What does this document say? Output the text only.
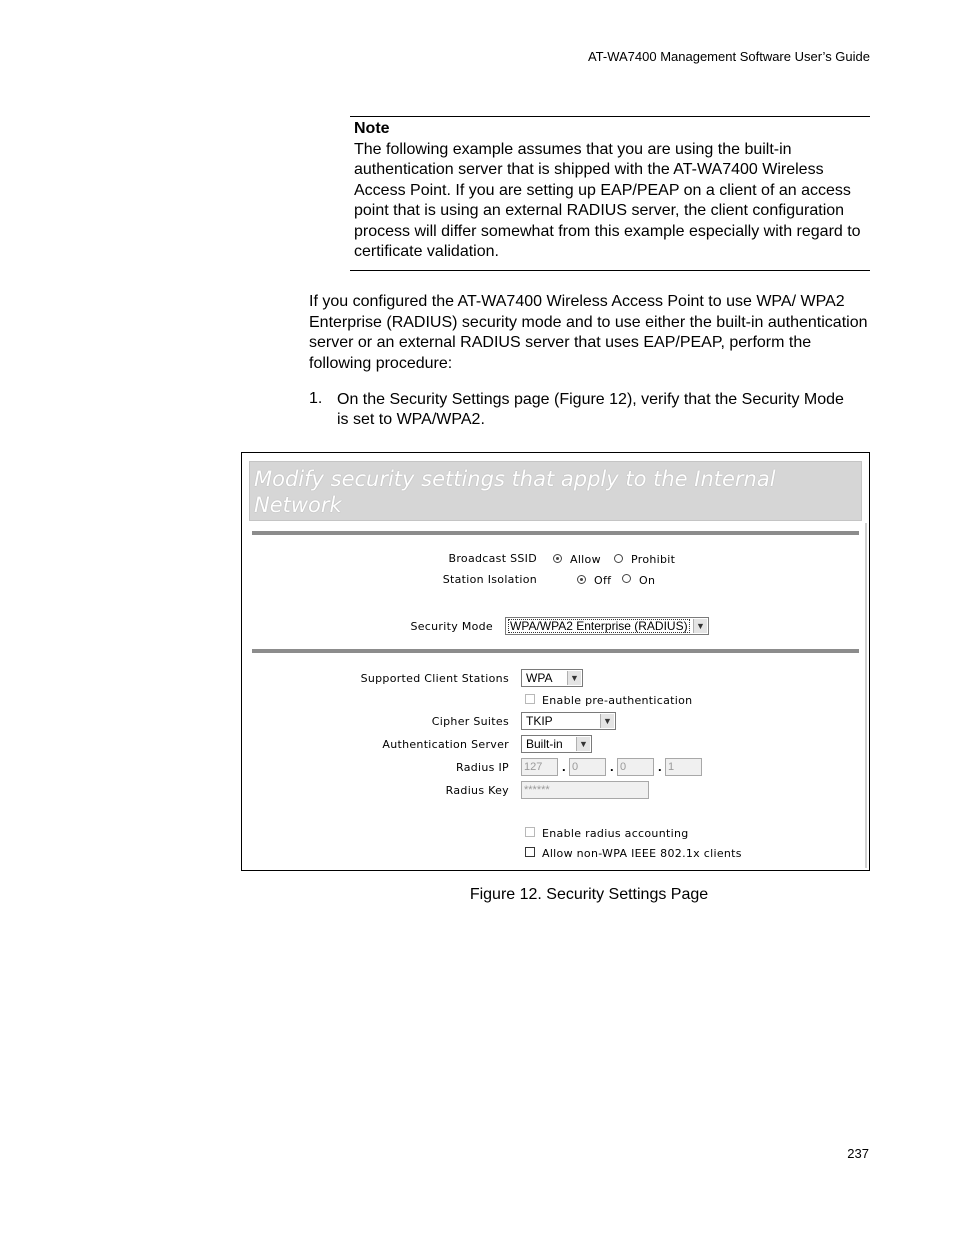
AT-WA7400 Management Software User’s Guide
Note
The following example assumes that you are using the built-in authentication server that is shipped with the AT-WA7400 Wireless Access Point. If you are setting up EAP/PEAP on a client of an access point that is using an external RADIUS server, the client configuration process will differ somewhat from this example especially with regard to certificate validation.
If you configured the AT-WA7400 Wireless Access Point to use WPA/ WPA2 Enterprise (RADIUS) security mode and to use either the built-in authentication server or an external RADIUS server that uses EAP/PEAP, perform the following procedure:
1. On the Security Settings page (Figure 12), verify that the Security Mode is set to WPA/WPA2.
Modify security settings that apply to the Internal Network
Broadcast SSID	Allow	Prohibit
Station Isolation	Off	On
Security Mode WPA/WPA2 Enterprise (RADIUS) ▼
Supported Client Stations WPA	▼
Enable pre-authentication
Cipher Suites TKIP	▼
Authentication Server Built-in	▼
Radius IP 127	. 0	. 0	. 1
Radius Key ******
Enable radius accounting
Allow non-WPA IEEE 802.1x clients
Figure 12. Security Settings Page
237
